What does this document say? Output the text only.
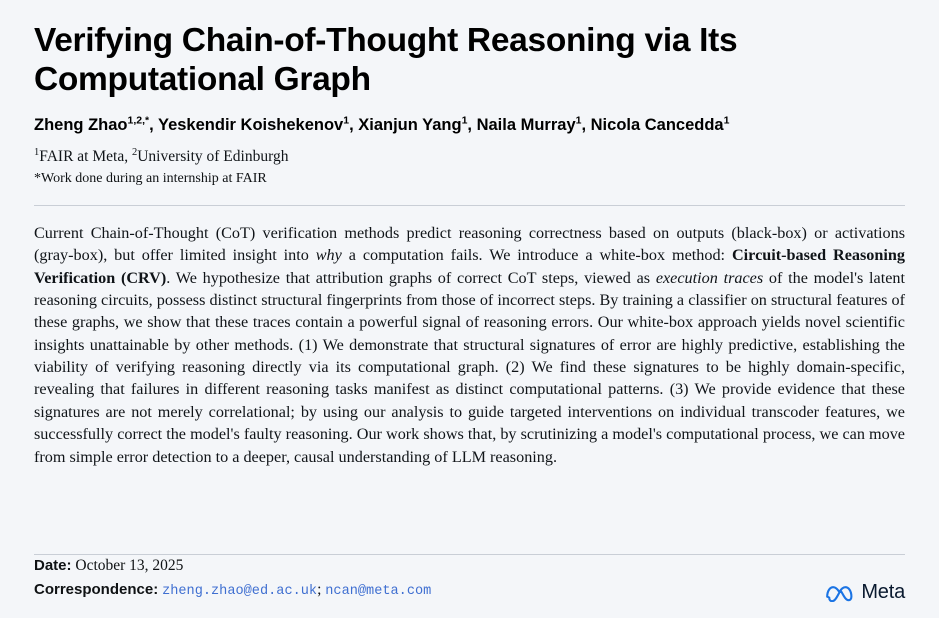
Verifying Chain-of-Thought Reasoning via Its Computational Graph
Zheng Zhao$^{1,2,*}$, Yeskendir Koishekenov$^1$, Xianjun Yang$^1$, Naila Murray$^1$, Nicola Cancedda$^1$
$^1$FAIR at Meta, $^2$University of Edinburgh
*Work done during an internship at FAIR

Current Chain-of-Thought (CoT) verification methods predict reasoning correctness based on outputs (black-box) or activations (gray-box), but offer limited insight into why a computation fails. We introduce a white-box method: Circuit-based Reasoning Verification (CRV). We hypothesize that attribution graphs of correct CoT steps, viewed as execution traces of the model's latent reasoning circuits, possess distinct structural fingerprints from those of incorrect steps. By training a classifier on structural features of these graphs, we show that these traces contain a powerful signal of reasoning errors. Our white-box approach yields novel scientific insights unattainable by other methods. (1) We demonstrate that structural signatures of error are highly predictive, establishing the viability of verifying reasoning directly via its computational graph. (2) We find these signatures to be highly domain-specific, revealing that failures in different reasoning tasks manifest as distinct computational patterns. (3) We provide evidence that these signatures are not merely correlational; by using our analysis to guide targeted interventions on individual transcoder features, we successfully correct the model's faulty reasoning. Our work shows that, by scrutinizing a model's computational process, we can move from simple error detection to a deeper, causal understanding of LLM reasoning.

Date: October 13, 2025
Correspondence: zheng.zhao@ed.ac.uk; ncan@meta.com	Meta
